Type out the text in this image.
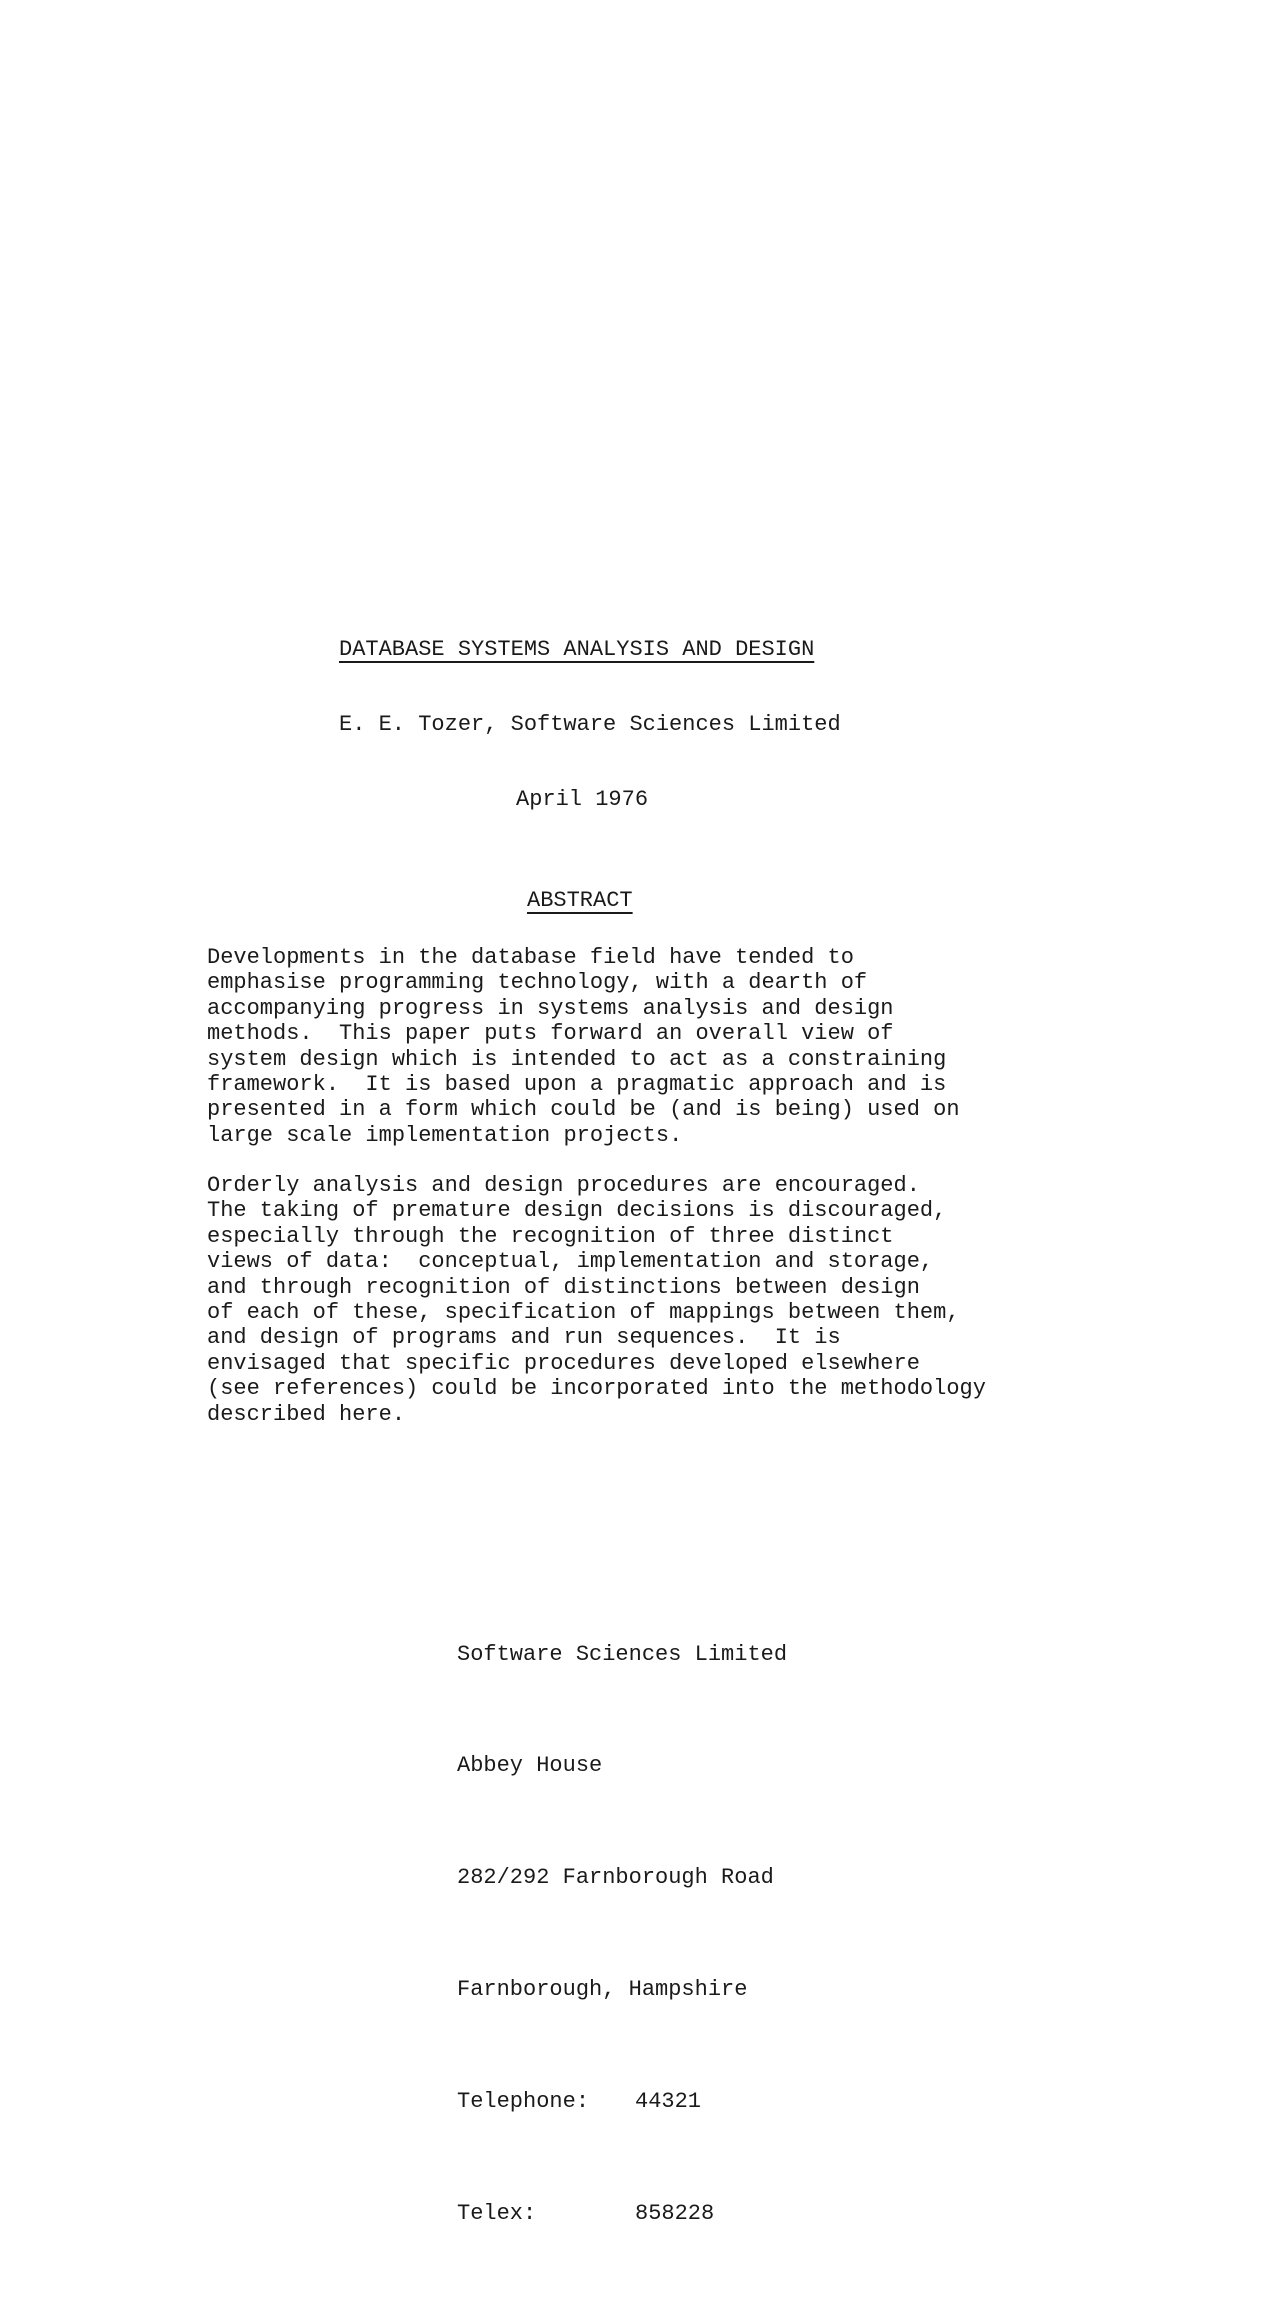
DATABASE SYSTEMS ANALYSIS AND DESIGN
E. E. Tozer, Software Sciences Limited
April 1976
ABSTRACT

Developments in the database field have tended to
emphasise programming technology, with a dearth of
accompanying progress in systems analysis and design
methods.  This paper puts forward an overall view of
system design which is intended to act as a constraining
framework.  It is based upon a pragmatic approach and is
presented in a form which could be (and is being) used on
large scale implementation projects.

Orderly analysis and design procedures are encouraged.
The taking of premature design decisions is discouraged,
especially through the recognition of three distinct
views of data:  conceptual, implementation and storage,
and through recognition of distinctions between design
of each of these, specification of mappings between them,
and design of programs and run sequences.  It is
envisaged that specific procedures developed elsewhere
(see references) could be incorporated into the methodology
described here.

Software Sciences Limited

Abbey House

282/292 Farnborough Road

Farnborough, Hampshire

Telephone: 44321

Telex:	858228
